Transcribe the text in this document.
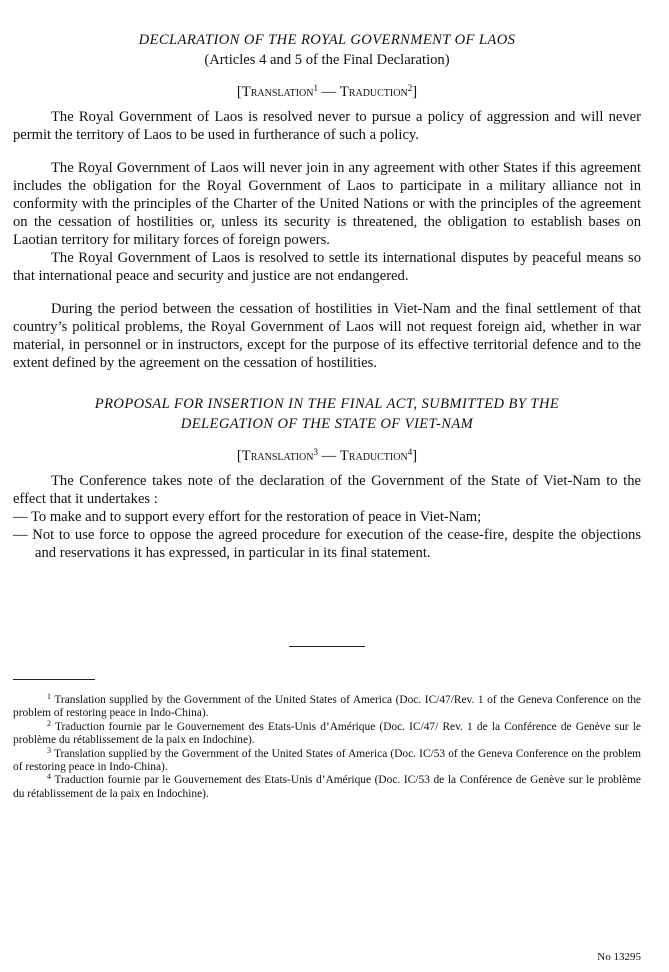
DECLARATION OF THE ROYAL GOVERNMENT OF LAOS
(Articles 4 and 5 of the Final Declaration)
[Translation$^1$ — Traduction$^2$]

The Royal Government of Laos is resolved never to pursue a policy of aggression and will never permit the territory of Laos to be used in furtherance of such a policy.

The Royal Government of Laos will never join in any agreement with other States if this agreement includes the obligation for the Royal Government of Laos to participate in a military alliance not in conformity with the principles of the Charter of the United Nations or with the principles of the agreement on the cessation of hostilities or, unless its security is threatened, the obligation to establish bases on Laotian territory for military forces of foreign powers.

The Royal Government of Laos is resolved to settle its international disputes by peaceful means so that international peace and security and justice are not endangered.

During the period between the cessation of hostilities in Viet-Nam and the final settlement of that country’s political problems, the Royal Government of Laos will not request foreign aid, whether in war material, in personnel or in instructors, except for the purpose of its effective territorial defence and to the extent defined by the agreement on the cessation of hostilities.

PROPOSAL FOR INSERTION IN THE FINAL ACT, SUBMITTED BY THE
DELEGATION OF THE STATE OF VIET-NAM
[Translation$^3$ — Traduction$^4$]

The Conference takes note of the declaration of the Government of the State of Viet-Nam to the effect that it undertakes :

— To make and to support every effort for the restoration of peace in Viet-Nam;

— Not to use force to oppose the agreed procedure for execution of the cease-fire, despite the objections and reservations it has expressed, in particular in its final statement.

$^1$ Translation supplied by the Government of the United States of America (Doc. IC/47/Rev. 1 of the Geneva Conference on the problem of restoring peace in Indo-China).

$^2$ Traduction fournie par le Gouvernement des Etats-Unis d’Amérique (Doc. IC/47/ Rev. 1 de la Conférence de Genève sur le problème du rétablissement de la paix en Indochine).

$^3$ Translation supplied by the Government of the United States of America (Doc. IC/53 of the Geneva Conference on the problem of restoring peace in Indo-China).

$^4$ Traduction fournie par le Gouvernement des Etats-Unis d’Amérique (Doc. IC/53 de la Conférence de Genève sur le problème du rétablissement de la paix en Indochine).

No 13295
